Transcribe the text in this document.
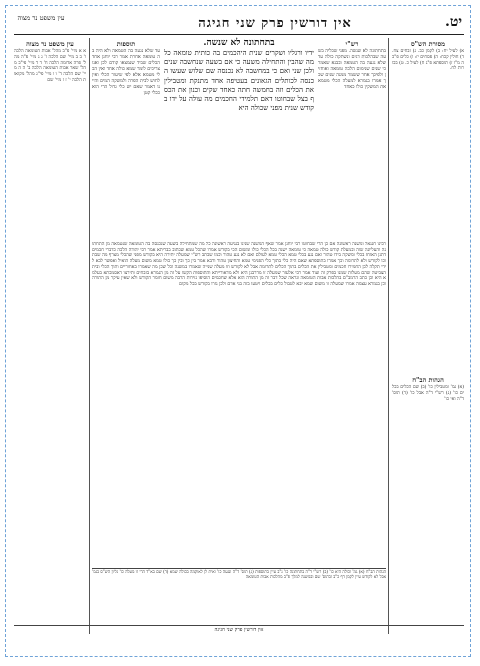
יט.
אין דורשין פרק שני חגיגה
עין משפט נר מצוה
מסורת הש"ס
א) לעיל יח: ב) לקמן כב. ג) זבחים צח. ד) חולין קכח: ה) פסחים יז: ו) כלים פ"כה מ"ו ז) תוספתא פ"ג ח) לעיל כ. ט) בכורות לח.
הגהות הב"ח
(א) גמ' ומטבילין כו' (ב) שם הכלים בכלים כו' (ג) רש"י ד"ה אבל כו' (ד) תוס' ד"ה ואי כו'
רש"י
בתחתונה לא שנשה. מפני שכליה בשעה שבהלכות דגים ונשתקה כולה עד שלא נגעה בה הטמאה ובבנא שאמר כי שנים שנימום הלכה טומאה ואוחזין ולפיכך אחר ששמר ממנה שנים שכך אמרו בגמרא למעלה הכלי מטמא את המשקין כולו כאחד
בתחתונה לא שנשה.
ידיו ורגליו ושקרים שנית היהכמים בה כותית טומאה כל מה שהבין והתחילה משעה כי אם בשעה שנחשבה שנים ולכן שני ואם כי במחשבה לא נכנסה שם שלוש שעשו הכנסה לכותלים הגאונים בעטיפה אחד מתנקת ומטבילין את הכלים וזה בחמשה חתה כאחד שקים וכנון את הכסף בצל שבחוטו דאם תלמידי החכמים מה עולה על ידו בקודש שנית מפני שכולה היא
תוספות
עד שלא נגעה בה הטמאה ולא היה בה טומאה אחרת אמר רבי יוחנן אחד הכלים שביד שנמצאו קודם לכן ואנו צריכים לומר שמא כולה אחד ואין הכלי מטמא אלא לפי שיעור הכלי ואין לחוש לבית הפרה ולמשקה המים והיינו דאמר שאם יש כלי גדול הרי הוא ככלי קטן
רבינו חננאל ומשנה ראשונה אם כן הרי שבחוטו רבי יוחנן אמר שאף המשנה שנינו בנגיעה ראשונה כל מה שמתחילה בשעה שנכנסה בה הטומאה שנטמאה מן התחתונה והעליונה שוה ובמעלת קודש כולה טמאה כי טומאה ישנה בכל הכלי כולו ומשום הכי בקודש אמרו שהכל טמא שכתוב בבריתא אמר רבי יהודה הלכה כדברי חכמים דתנן האוחז בכלי ומשקה בידו טהור ואם נגע בכלי טמא הכלי טמא לעולם ואם לא נגע טהור וכמו שכתב רש"י שמעלה יתירה היא בקודש מפני שהכלי מצרף מה שבתוכו לקודש ולא לתרומה וכך אמרו בתוספתא שאם היה כלי בתוך כלי הפנימי טמא והחיצון טהור ורבא אמר בין כך ובין כך כולו טמא משום מעלה הואיל ואפשר לבא לידי תקלה לכן החמירו חכמים ומטבילין את הכלים בתוך הכלים לתרומה אבל לא לקודש וזו מעלה שנייה שאמרו במשנה וכל שכן מה שאמרו באחוריים ותוך הכלי ובית הצביטה שהם מעלות שמנו בפרק זה ועוד אמר רבי אלעזר שמעלה זו מדרבנן היא ולא מדאורייתא והתוספות הקשו על זה מן הגמרא בזבחים ותירצו דאסמכתא בעלמא היא וכן כתב הרמב"ם בהלכות אבות הטומאה ונראה שכל דבר זה מן התורה הוא אלא שחכמים הוסיפו גזירות הרבה משום חומר הקודש ולא שאין עיקר מן התורה וכן בגמרא עצמה אמרו שמעלה זו משום שמא יבא לטבול כלים בכלים ויטעו בזה בני אדם ולכן גזרו בקודש בכל מקום
הגהות הב"ח (א) גמ' וכולה היא כו' (ב) רש"י ד"ה בתחתונה כו' נ"ב עיין בתוספות (ג) תוס' ד"ה ונגעה כו' ואית לן לאוקמה בכולה שמא (ד) שם בא"ד הרי זו מעלה כו' גליון הש"ס בגמ' אבל לא לקודש עיין לקמן דף כ"ב ובתוס' שם ובמשנה למלך פ"ב מהלכות אבות הטומאה
עין משפט נר מצוה
א א מיי' פ"ב מהל' אבות הטומאה הלכה ו' ב ב מיי' שם הלכה ז' ג ג מיי' פ"ה מהל' פרה אדומה הלכה ח' ד ד מיי' פי"ב מהל' שאר אבות הטומאה הלכה ב' ה ה מיי' שם הלכה ד' ו ו מיי' פי"ג מהל' מקואות הלכה י' ז ז מיי' שם
אין דורשין פרק שני חגיגה
